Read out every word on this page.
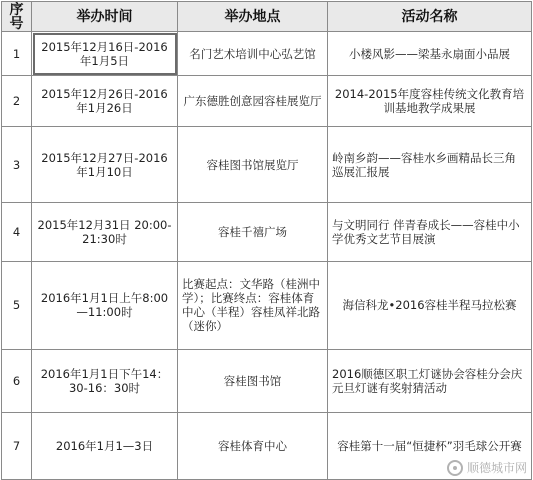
序号	举办时间	举办地点	活动名称
1	2015年12月16日-2016年1月5日	名门艺术培训中心弘艺馆	小楼风影——梁基永扇面小品展
2	2015年12月26日-2016年1月26日	广东德胜创意园容桂展览厅	2014-2015年度容桂传统文化教育培训基地教学成果展
3	2015年12月27日-2016年1月10日	容桂图书馆展览厅	岭南乡韵——容桂水乡画精品长三角巡展汇报展
4	2015年12月31日 20:00-21:30时	容桂千禧广场	与文明同行 伴青春成长——容桂中小学优秀文艺节目展演
5	2016年1月1日上午8:00—11:00时	比赛起点：文华路（桂洲中学）；比赛终点：容桂体育中心（半程）容桂凤祥北路（迷你）	海信科龙•2016容桂半程马拉松赛
6	2016年1月1日下午14：30-16：30时	容桂图书馆	2016顺德区职工灯谜协会容桂分会庆元旦灯谜有奖射猜活动
7	2016年1月1—3日	容桂体育中心	容桂第十一届“恒捷杯”羽毛球公开赛
顺德城市网
